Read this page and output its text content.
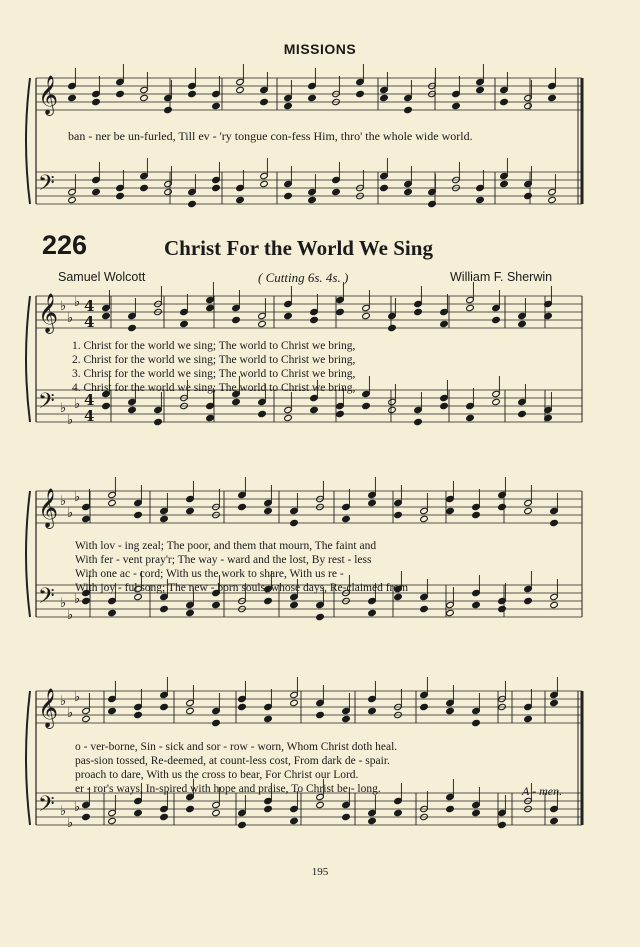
MISSIONS
𝄞
𝄢
𝄞
𝄢
♭
♭
♭
♭
♭
♭
4
4
4
4
𝄞
𝄢
♭
♭
♭
♭
♭
♭
𝄞
𝄢
♭
♭
♭
♭
♭
♭
ban - ner be un-furled, Till ev - 'ry tongue con-fess Him, thro' the whole wide world.
226	Christ For the World We Sing
Samuel Wolcott	( Cutting 6s. 4s. )	William F. Sherwin
1. Christ for the world we sing; The world to Christ we bring,
2. Christ for the world we sing; The world to Christ we bring,
3. Christ for the world we sing; The world to Christ we bring,
4. Christ for the world we sing; The world to Christ we bring,
With lov - ing zeal; The poor, and them that mourn, The faint and
With fer - vent pray'r; The way - ward and the lost, By rest - less
With one ac - cord; With us the work to share, With us re -
With joy - ful song; The new - born souls, whose days, Re-claimed from
o - ver-borne, Sin - sick and sor - row - worn, Whom Christ doth heal.
pas-sion tossed, Re-deemed, at count-less cost, From dark de - spair.
proach to dare, With us the cross to bear, For Christ our Lord.
er - ror's ways, In-spired with hope and praise, To Christ be - long.	A - men.
195
